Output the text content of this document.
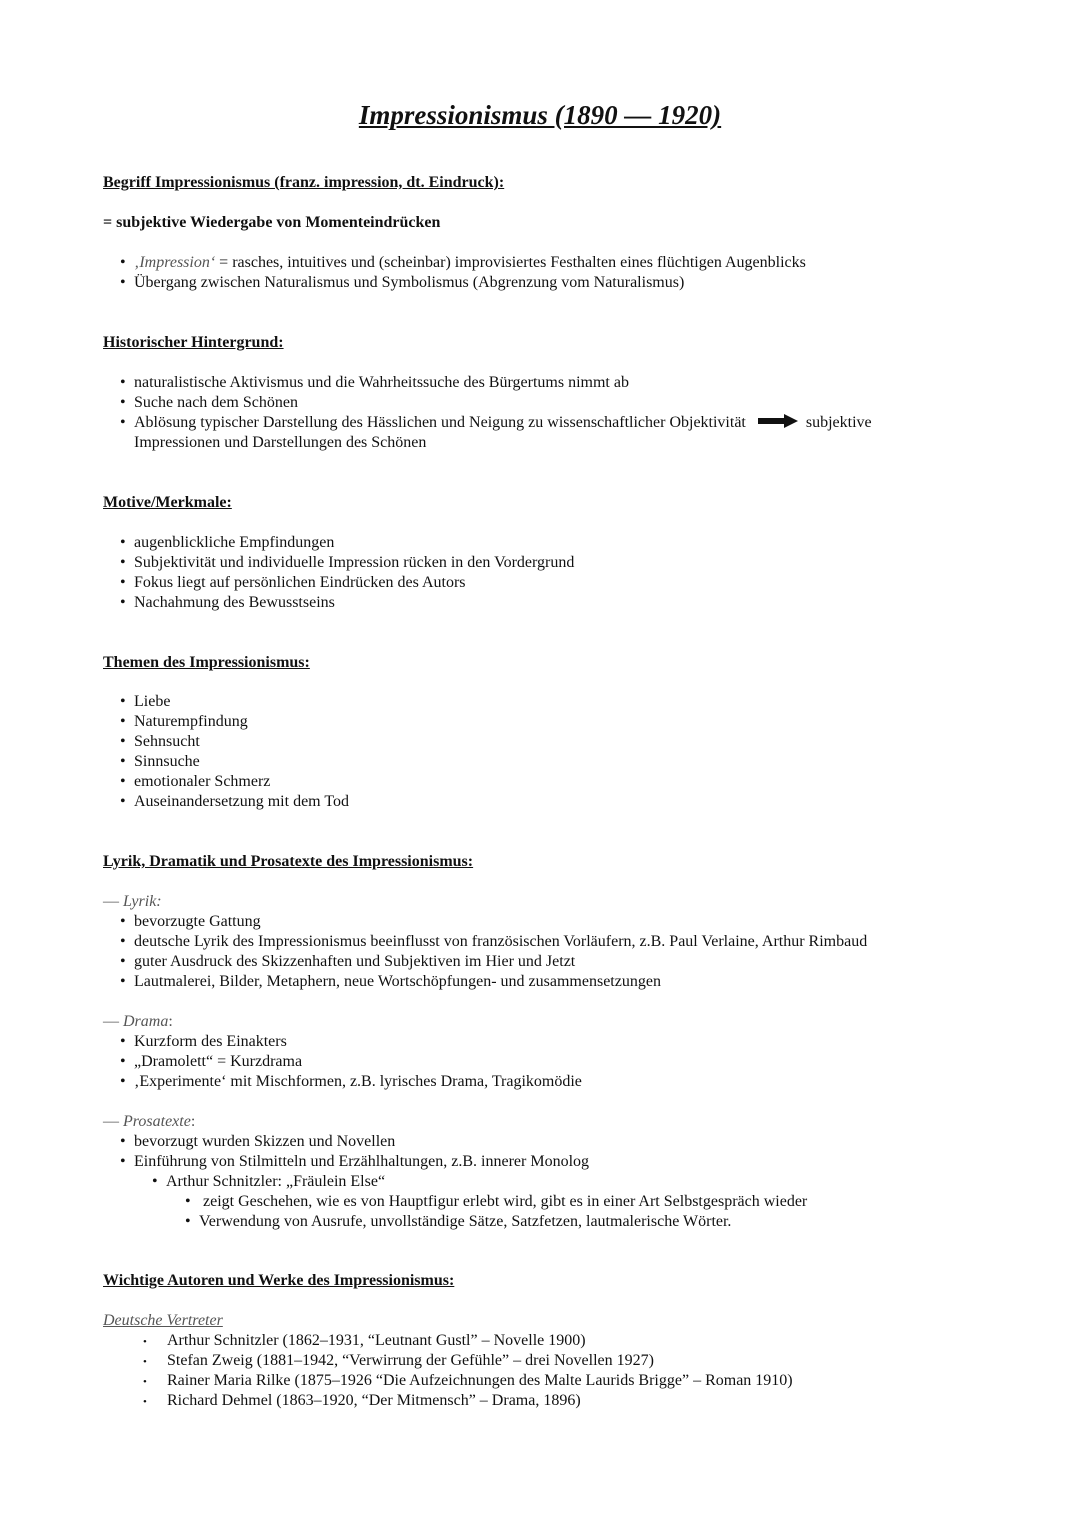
Impressionismus (1890 — 1920)
Begriff Impressionismus (franz. impression, dt. Eindruck):
= subjektive Wiedergabe von Momenteindrücken
• ‚Impression‘ = rasches, intuitives und (scheinbar) improvisiertes Festhalten eines flüchtigen Augenblicks
• Übergang zwischen Naturalismus und Symbolismus (Abgrenzung vom Naturalismus)
Historischer Hintergrund:
• naturalistische Aktivismus und die Wahrheitssuche des Bürgertums nimmt ab
• Suche nach dem Schönen
• Ablösung typischer Darstellung des Hässlichen und Neigung zu wissenschaftlicher Objektivität	subjektive
Impressionen und Darstellungen des Schönen
Motive/Merkmale:
• augenblickliche Empfindungen
• Subjektivität und individuelle Impression rücken in den Vordergrund
• Fokus liegt auf persönlichen Eindrücken des Autors
• Nachahmung des Bewusstseins
Themen des Impressionismus:
• Liebe
• Naturempfindung
• Sehnsucht
• Sinnsuche
• emotionaler Schmerz
• Auseinandersetzung mit dem Tod
Lyrik, Dramatik und Prosatexte des Impressionismus:
— Lyrik:
• bevorzugte Gattung
• deutsche Lyrik des Impressionismus beeinflusst von französischen Vorläufern, z.B. Paul Verlaine, Arthur Rimbaud
• guter Ausdruck des Skizzenhaften und Subjektiven im Hier und Jetzt
• Lautmalerei, Bilder, Metaphern, neue Wortschöpfungen- und zusammensetzungen
— Drama:
• Kurzform des Einakters
• „Dramolett“ = Kurzdrama
• ‚Experimente‘ mit Mischformen, z.B. lyrisches Drama, Tragikomödie
— Prosatexte:
• bevorzugt wurden Skizzen und Novellen
• Einführung von Stilmitteln und Erzählhaltungen, z.B. innerer Monolog
• Arthur Schnitzler: „Fräulein Else“
• zeigt Geschehen, wie es von Hauptfigur erlebt wird, gibt es in einer Art Selbstgespräch wieder
• Verwendung von Ausrufe, unvollständige Sätze, Satzfetzen, lautmalerische Wörter.
Wichtige Autoren und Werke des Impressionismus:
Deutsche Vertreter
• Arthur Schnitzler (1862–1931, “Leutnant Gustl” – Novelle 1900)
• Stefan Zweig (1881–1942, “Verwirrung der Gefühle” – drei Novellen 1927)
• Rainer Maria Rilke (1875–1926 “Die Aufzeichnungen des Malte Laurids Brigge” – Roman 1910)
• Richard Dehmel (1863–1920, “Der Mitmensch” – Drama, 1896)
